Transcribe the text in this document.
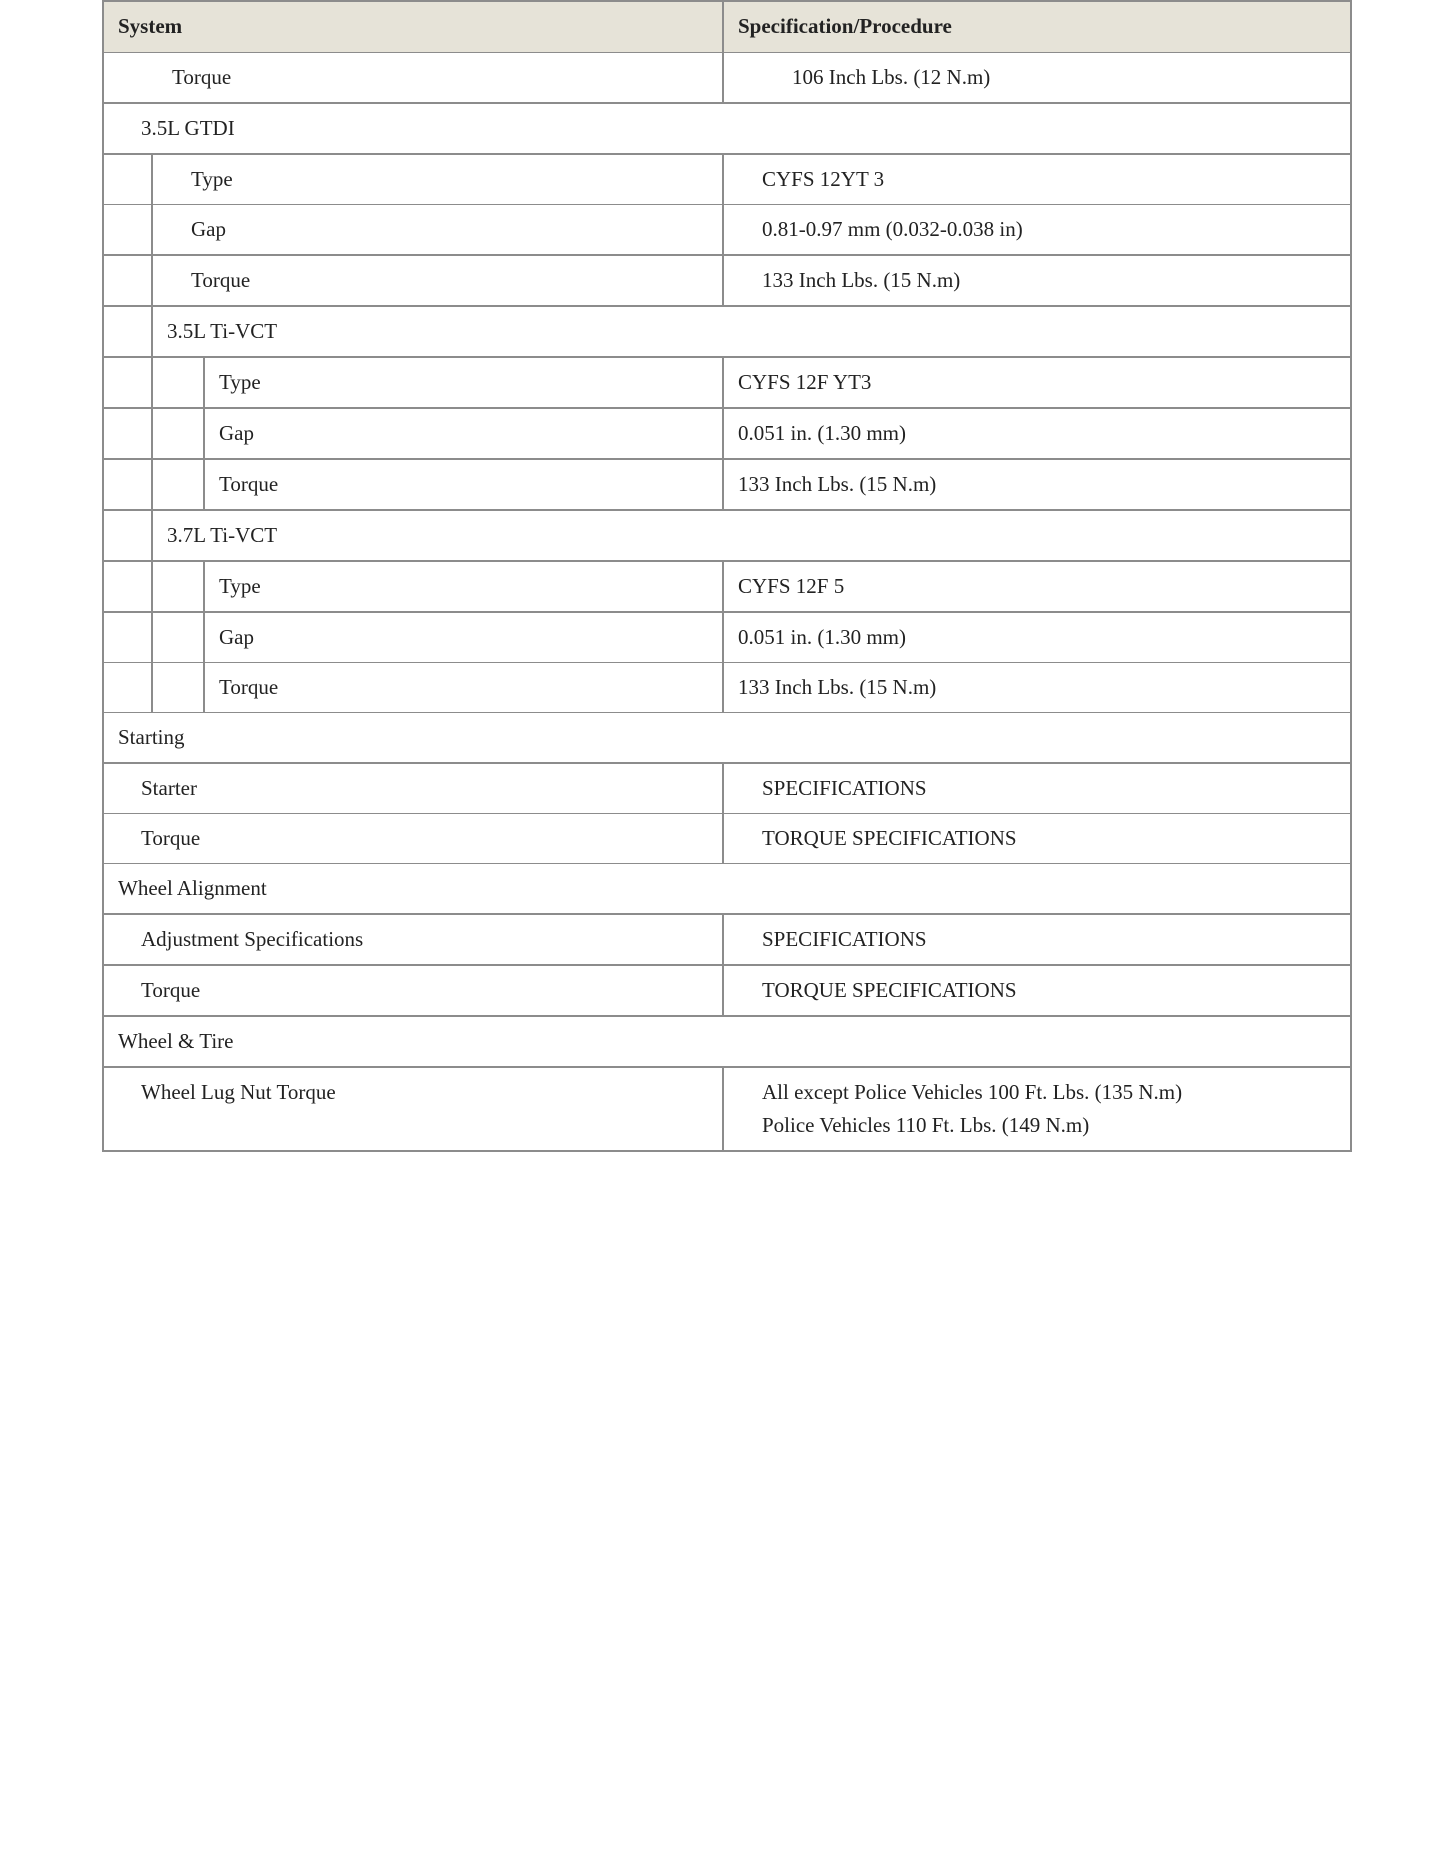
System	Specification/Procedure
Torque	106 Inch Lbs. (12 N.m)
3.5L GTDI
Type	CYFS 12YT 3
Gap	0.81-0.97 mm (0.032-0.038 in)
Torque	133 Inch Lbs. (15 N.m)
3.5L Ti-VCT
Type	CYFS 12F YT3
Gap	0.051 in. (1.30 mm)
Torque	133 Inch Lbs. (15 N.m)
3.7L Ti-VCT
Type	CYFS 12F 5
Gap	0.051 in. (1.30 mm)
Torque	133 Inch Lbs. (15 N.m)
Starting
Starter	SPECIFICATIONS
Torque	TORQUE SPECIFICATIONS
Wheel Alignment
Adjustment Specifications	SPECIFICATIONS
Torque	TORQUE SPECIFICATIONS
Wheel & Tire
Wheel Lug Nut Torque	All except Police Vehicles 100 Ft. Lbs. (135 N.m)
Police Vehicles 110 Ft. Lbs. (149 N.m)
